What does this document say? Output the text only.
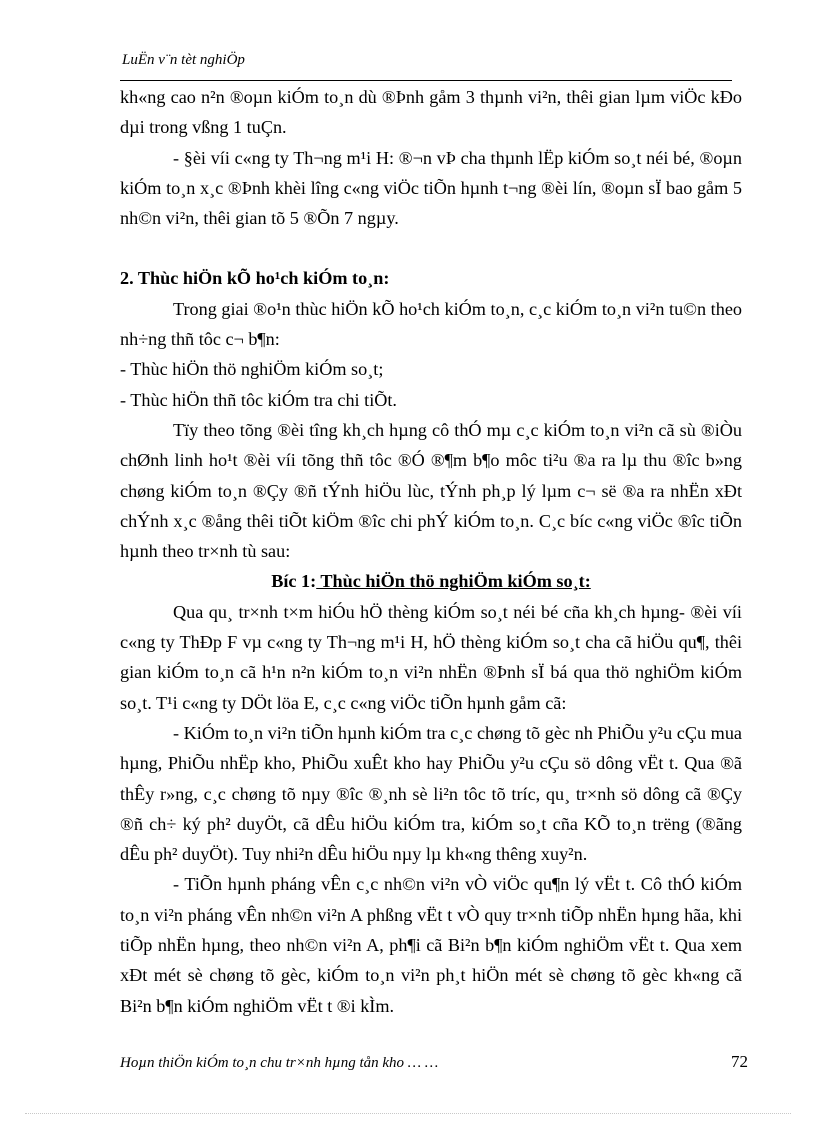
LuËn v¨n tèt nghiÖp

kh«ng cao n²n ®oµn kiÓm to¸n dù ®Þnh gåm 3 thµnh vi²n, thêi gian lµm viÖc kÐo dµi trong vßng 1 tuÇn.

- §èi víi c«ng ty Th¬ng m¹i H: ®¬n vÞ cha thµnh lËp kiÓm so¸t néi bé, ®oµn kiÓm to¸n x¸c ®Þnh khèi lîng c«ng viÖc tiÕn hµnh t¬ng ®èi lín, ®oµn sÏ bao gåm 5 nh©n vi²n, thêi gian tõ 5 ®Õn 7 ngµy.

2. Thùc hiÖn kÕ ho¹ch kiÓm to¸n:

Trong giai ®o¹n thùc hiÖn kÕ ho¹ch kiÓm to¸n, c¸c kiÓm to¸n vi²n tu©n theo nh÷ng thñ tôc c¬ b¶n:

- Thùc hiÖn thö nghiÖm kiÓm so¸t;

- Thùc hiÖn thñ tôc kiÓm tra chi tiÕt.

Tïy theo tõng ®èi tîng kh¸ch hµng cô thÓ mµ c¸c kiÓm to¸n vi²n cã sù ®iÒu chØnh linh ho¹t ®èi víi tõng thñ tôc ®Ó ®¶m b¶o môc ti²u ®a ra lµ thu ®îc b»ng chøng kiÓm to¸n ®Çy ®ñ tÝnh hiÖu lùc, tÝnh ph¸p lý lµm c¬ së ®a ra nhËn xÐt chÝnh x¸c ®ång thêi tiÕt kiÖm ®îc chi phÝ kiÓm to¸n. C¸c bíc c«ng viÖc ®îc tiÕn hµnh theo tr×nh tù sau:

Bíc 1: Thùc hiÖn thö nghiÖm kiÓm so¸t:

Qua qu¸ tr×nh t×m hiÓu hÖ thèng kiÓm so¸t néi bé cña kh¸ch hµng- ®èi víi c«ng ty ThÐp F vµ c«ng ty Th¬ng m¹i H, hÖ thèng kiÓm so¸t cha cã hiÖu qu¶, thêi gian kiÓm to¸n cã h¹n n²n kiÓm to¸n vi²n nhËn ®Þnh sÏ bá qua thö nghiÖm kiÓm so¸t. T¹i c«ng ty DÖt löa E, c¸c c«ng viÖc tiÕn hµnh gåm cã:

- KiÓm to¸n vi²n tiÕn hµnh kiÓm tra c¸c chøng tõ gèc nh PhiÕu y²u cÇu mua hµng, PhiÕu nhËp kho, PhiÕu xuÊt kho hay PhiÕu y²u cÇu sö dông vËt t. Qua ®ã thÊy r»ng, c¸c chøng tõ nµy ®îc ®¸nh sè li²n tôc tõ tríc, qu¸ tr×nh sö dông cã ®Çy ®ñ ch÷ ký ph² duyÖt, cã dÊu hiÖu kiÓm tra, kiÓm so¸t cña KÕ to¸n trëng (®ãng dÊu ph² duyÖt). Tuy nhi²n dÊu hiÖu nµy lµ kh«ng thêng xuy²n.

- TiÕn hµnh pháng vÊn c¸c nh©n vi²n vÒ viÖc qu¶n lý vËt t. Cô thÓ kiÓm to¸n vi²n pháng vÊn nh©n vi²n A phßng vËt t vÒ quy tr×nh tiÕp nhËn hµng hãa, khi tiÕp nhËn hµng, theo nh©n vi²n A, ph¶i cã Bi²n b¶n kiÓm nghiÖm vËt t. Qua xem xÐt mét sè chøng tõ gèc, kiÓm to¸n vi²n ph¸t hiÖn mét sè chøng tõ gèc kh«ng cã Bi²n b¶n kiÓm nghiÖm vËt t ®i kÌm.

Hoµn thiÖn kiÓm to¸n chu tr×nh hµng tån kho … …	72
